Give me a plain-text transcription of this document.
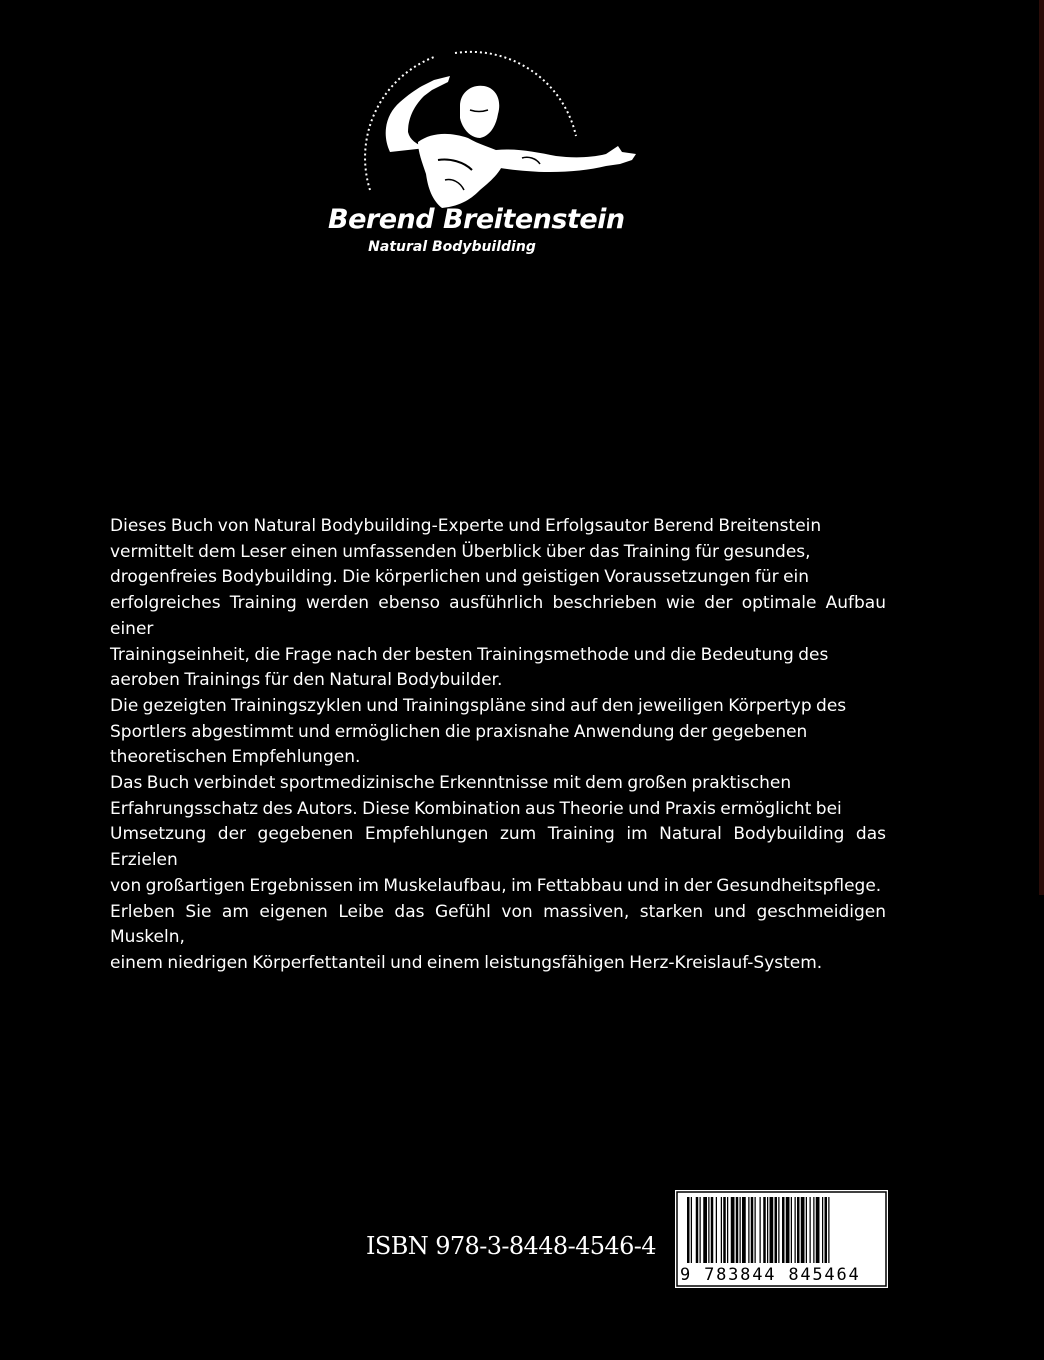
Berend Breitenstein
Natural Bodybuilding

Dieses Buch von Natural Bodybuilding-Experte und Erfolgsautor Berend Breitenstein
vermittelt dem Leser einen umfassenden Überblick über das Training für gesundes,
drogenfreies Bodybuilding. Die körperlichen und geistigen Voraussetzungen für ein
erfolgreiches Training werden ebenso ausführlich beschrieben wie der optimale Aufbau einer
Trainingseinheit, die Frage nach der besten Trainingsmethode und die Bedeutung des
aeroben Trainings für den Natural Bodybuilder.

Die gezeigten Trainingszyklen und Trainingspläne sind auf den jeweiligen Körpertyp des
Sportlers abgestimmt und ermöglichen die praxisnahe Anwendung der gegebenen
theoretischen Empfehlungen.

Das Buch verbindet sportmedizinische Erkenntnisse mit dem großen praktischen
Erfahrungsschatz des Autors. Diese Kombination aus Theorie und Praxis ermöglicht bei
Umsetzung der gegebenen Empfehlungen zum Training im Natural Bodybuilding das Erzielen
von großartigen Ergebnissen im Muskelaufbau, im Fettabbau und in der Gesundheitspflege.
Erleben Sie am eigenen Leibe das Gefühl von massiven, starken und geschmeidigen Muskeln,
einem niedrigen Körperfettanteil und einem leistungsfähigen Herz-Kreislauf-System.

ISBN 978-3-8448-4546-4
9 783844 845464
